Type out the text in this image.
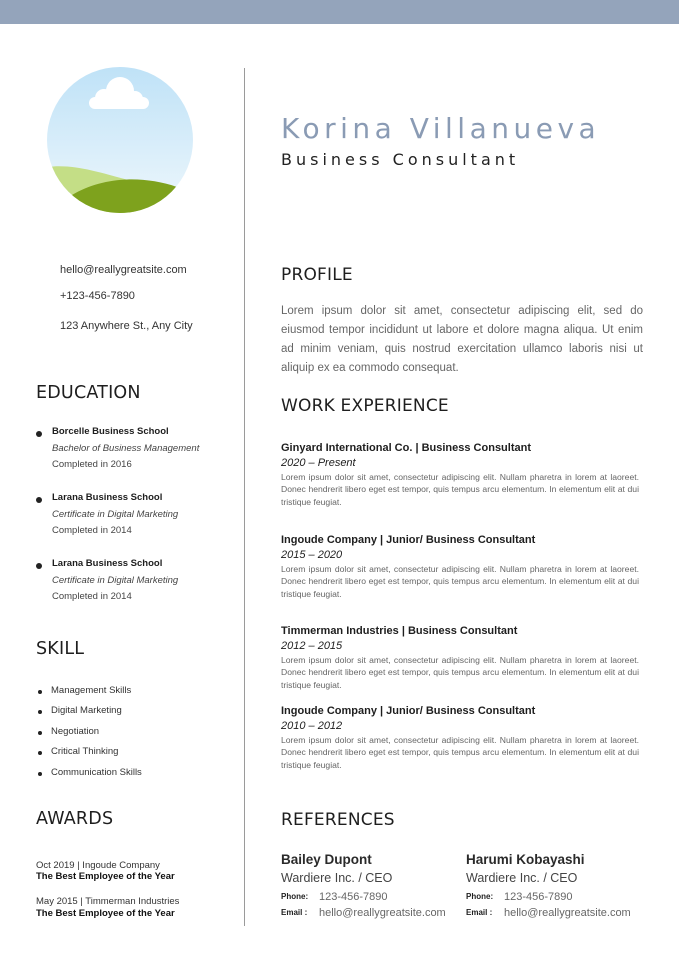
hello@reallygreatsite.com
+123-456-7890
123 Anywhere St., Any City
EDUCATION
Borcelle Business School
Bachelor of Business Management
Completed in 2016
Larana Business School
Certificate in Digital Marketing
Completed in 2014
Larana Business School
Certificate in Digital Marketing
Completed in 2014
SKILL
Management Skills
Digital Marketing
Negotiation
Critical Thinking
Communication Skills
AWARDS
Oct 2019 | Ingoude Company
The Best Employee of the Year
May 2015 | Timmerman Industries
The Best Employee of the Year
Korina Villanueva
Business Consultant
PROFILE
Lorem ipsum dolor sit amet, consectetur adipiscing elit, sed do eiusmod tempor incididunt ut labore et dolore magna aliqua. Ut enim ad minim veniam, quis nostrud exercitation ullamco laboris nisi ut aliquip ex ea commodo consequat.
WORK EXPERIENCE
Ginyard International Co. | Business Consultant
2020 – Present
Lorem ipsum dolor sit amet, consectetur adipiscing elit. Nullam pharetra in lorem at laoreet. Donec hendrerit libero eget est tempor, quis tempus arcu elementum. In elementum elit at dui tristique feugiat.
Ingoude Company | Junior/ Business Consultant
2015 – 2020
Lorem ipsum dolor sit amet, consectetur adipiscing elit. Nullam pharetra in lorem at laoreet. Donec hendrerit libero eget est tempor, quis tempus arcu elementum. In elementum elit at dui tristique feugiat.
Timmerman Industries | Business Consultant
2012 – 2015
Lorem ipsum dolor sit amet, consectetur adipiscing elit. Nullam pharetra in lorem at laoreet. Donec hendrerit libero eget est tempor, quis tempus arcu elementum. In elementum elit at dui tristique feugiat.
Ingoude Company | Junior/ Business Consultant
2010 – 2012
Lorem ipsum dolor sit amet, consectetur adipiscing elit. Nullam pharetra in lorem at laoreet. Donec hendrerit libero eget est tempor, quis tempus arcu elementum. In elementum elit at dui tristique feugiat.
REFERENCES
Bailey Dupont
Wardiere Inc. / CEO
Phone: 123-456-7890
Email : hello@reallygreatsite.com
Harumi Kobayashi
Wardiere Inc. / CEO
Phone: 123-456-7890
Email : hello@reallygreatsite.com
